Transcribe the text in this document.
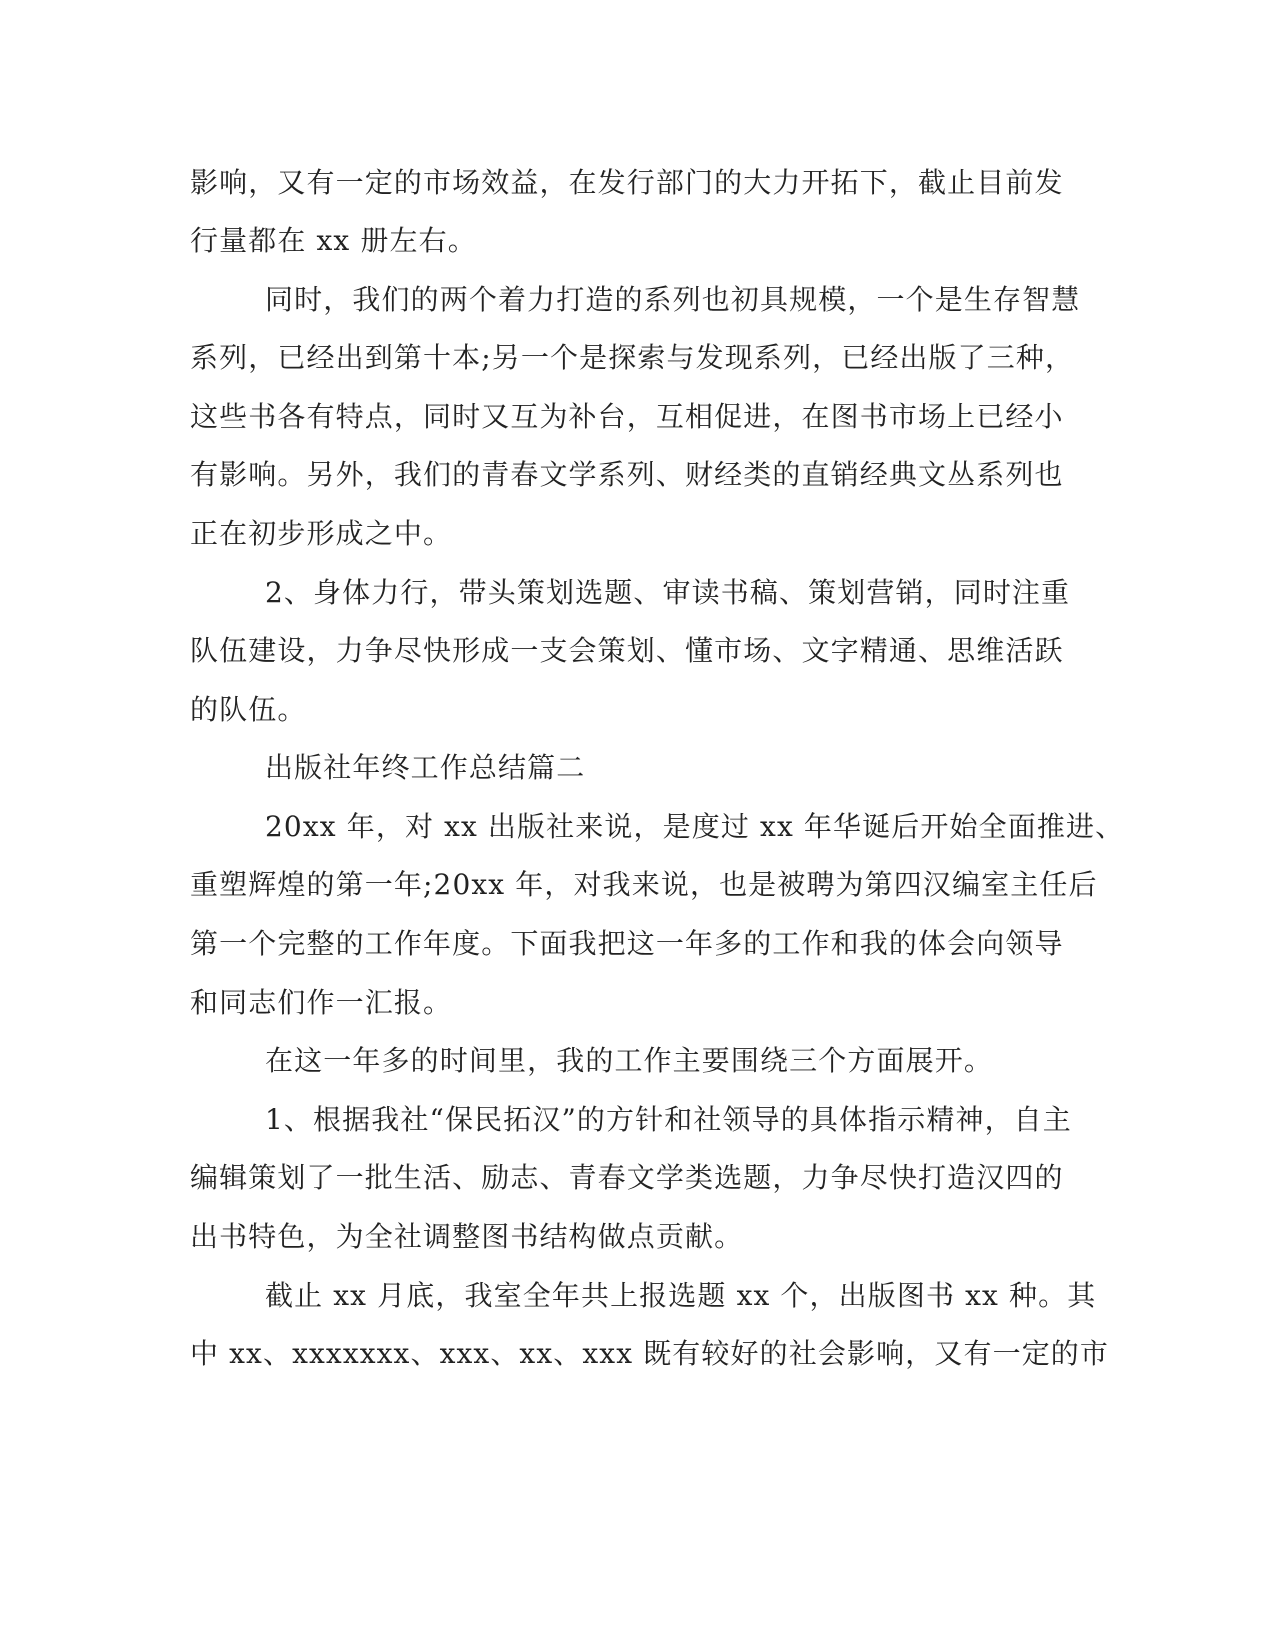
影响，又有一定的市场效益，在发行部门的大力开拓下，截止目前发
行量都在 xx 册左右。
同时，我们的两个着力打造的系列也初具规模，一个是生存智慧
系列，已经出到第十本;另一个是探索与发现系列，已经出版了三种，
这些书各有特点，同时又互为补台，互相促进，在图书市场上已经小
有影响。另外，我们的青春文学系列、财经类的直销经典文丛系列也
正在初步形成之中。
2、身体力行，带头策划选题、审读书稿、策划营销，同时注重
队伍建设，力争尽快形成一支会策划、懂市场、文字精通、思维活跃
的队伍。
出版社年终工作总结篇二
20xx 年，对 xx 出版社来说，是度过 xx 年华诞后开始全面推进、
重塑辉煌的第一年;20xx 年，对我来说，也是被聘为第四汉编室主任后
第一个完整的工作年度。下面我把这一年多的工作和我的体会向领导
和同志们作一汇报。
在这一年多的时间里，我的工作主要围绕三个方面展开。
1、根据我社“保民拓汉”的方针和社领导的具体指示精神，自主
编辑策划了一批生活、励志、青春文学类选题，力争尽快打造汉四的
出书特色，为全社调整图书结构做点贡献。
截止 xx 月底，我室全年共上报选题 xx 个，出版图书 xx 种。其
中 xx、xxxxxxx、xxx、xx、xxx 既有较好的社会影响，又有一定的市
